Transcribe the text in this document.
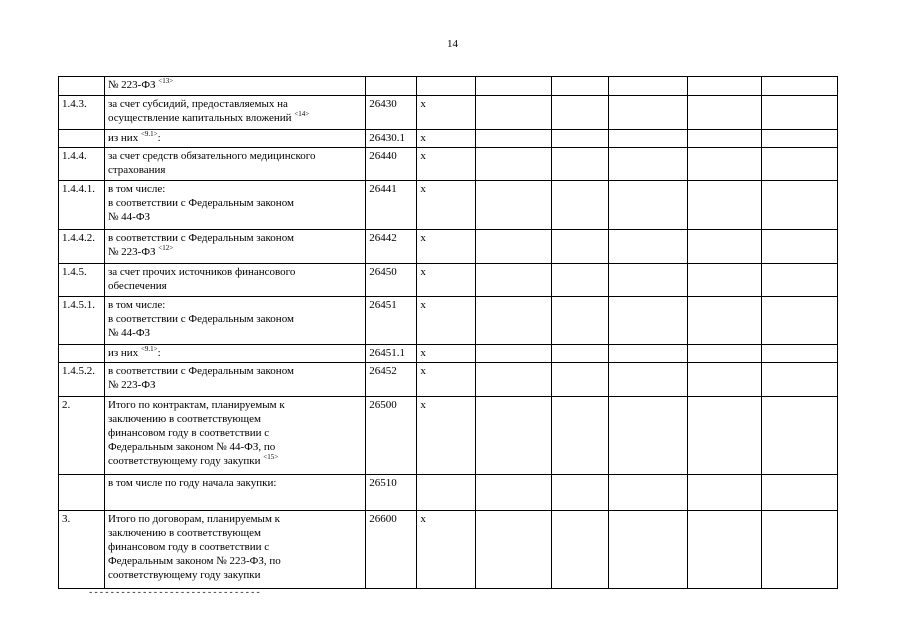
14
	№ 223-ФЗ $^{<13>}$							
1.4.3.	за счет субсидий, предоставляемых на
осуществление капитальных вложений $^{<14>}$	26430	х					
	из них $^{<9.1>}$:	26430.1	х					
1.4.4.	за счет средств обязательного медицинского
страхования	26440	х					
1.4.4.1.	в том числе:
в соответствии с Федеральным законом
№ 44-ФЗ	26441	х					
1.4.4.2.	в соответствии с Федеральным законом
№ 223-ФЗ $^{<12>}$	26442	х					
1.4.5.	за счет прочих источников финансового
обеспечения	26450	х					
1.4.5.1.	в том числе:
в соответствии с Федеральным законом
№ 44-ФЗ	26451	х					
	из них $^{<9.1>}$:	26451.1	х					
1.4.5.2.	в соответствии с Федеральным законом
№ 223-ФЗ	26452	х					
2.	Итого по контрактам, планируемым к
заключению в соответствующем
финансовом году в соответствии с
Федеральным законом № 44-ФЗ, по
соответствующему году закупки $^{<15>}$	26500	х					
	в том числе по году начала закупки:	26510						
3.	Итого по договорам, планируемым к
заключению в соответствующем
финансовом году в соответствии с
Федеральным законом № 223-ФЗ, по
соответствующему году закупки	26600	х					
--------------------------------
